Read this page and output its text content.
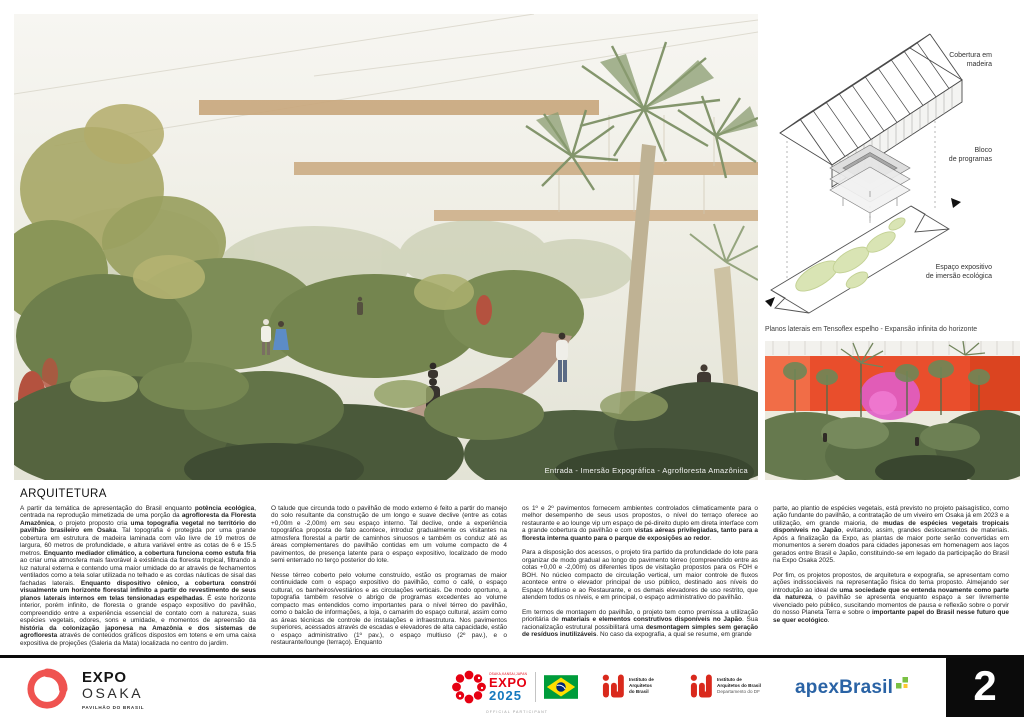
Entrada - Imersão Expográfica - Agrofloresta Amazônica
Cobertura em
madeira
Bloco
de programas
Espaço expositivo
de imersão ecológica
Planos laterais em Tensoflex espelho - Expansão infinita do horizonte
ARQUITETURA

A partir da temática de apresentação do Brasil enquanto potência ecológica, centrada na reprodução mimetizada de uma porção da agrofloresta da Floresta Amazônica, o projeto proposto cria uma topografia vegetal no território do pavilhão brasileiro em Osaka. Tal topografia é protegida por uma grande cobertura em estrutura de madeira laminada com vão livre de 19 metros de largura, 60 metros de profundidade, e altura variável entre as cotas de 6 e 15.5 metros. Enquanto mediador climático, a cobertura funciona como estufa fria ao criar uma atmosfera mais favorável à existência da floresta tropical, filtrando a luz natural externa e contendo uma maior umidade do ar através de fechamentos ventilados como a tela solar utilizada no telhado e as cordas náuticas de sisal das fachadas laterais. Enquanto dispositivo cênico, a cobertura constrói visualmente um horizonte florestal infinito a partir do revestimento de seus planos laterais internos em telas tensionadas espelhadas. É este horizonte interior, porém infinito, de floresta o grande espaço expositivo do pavilhão, compreendido entre a experiência essencial de contato com a natureza, suas espécies vegetais, odores, sons e umidade, e momentos de apreensão da história da colonização japonesa na Amazônia e dos sistemas de agrofloresta através de conteúdos gráficos dispostos em totens e em uma caixa expositiva de projeções (Galeria da Mata) localizada no centro do jardim.

O talude que circunda todo o pavilhão de modo externo é feito a partir do manejo do solo resultante da construção de um longo e suave declive (entre as cotas +0,00m e -2,00m) em seu espaço interno. Tal declive, onde a experiência topográfica proposta de fato acontece, introduz gradualmente os visitantes na atmosfera florestal a partir de caminhos sinuosos e também os conduz até as áreas complementares do pavilhão contidas em um volume compacto de 4 pavimentos, de presença latente para o espaço expositivo, localizado de modo semi enterrado no terço posterior do lote.

Nesse térreo coberto pelo volume construído, estão os programas de maior continuidade com o espaço expositivo do pavilhão, como o café, o espaço cultural, os banheiros/vestiários e as circulações verticais. De modo oportuno, a topografia também resolve o abrigo de programas excedentes ao volume compacto mas entendidos como importantes para o nível térreo do pavilhão, como o balcão de informações, a loja, o camarim do espaço cultural, assim como as áreas técnicas de controle de instalações e infraestrutura. Nos pavimentos superiores, acessados através de escadas e elevadores de alta capacidade, estão o espaço administrativo (1º pav.), o espaço multiuso (2º pav.), e o restaurante/lounge (terraço). Enquanto

os 1º e 2º pavimentos fornecem ambientes controlados climaticamente para o melhor desempenho de seus usos propostos, o nível do terraço oferece ao restaurante e ao lounge vip um espaço de pé-direito duplo em direta interface com a grande cobertura do pavilhão e com vistas aéreas privilegiadas, tanto para a floresta interna quanto para o parque de exposições ao redor.

Para a disposição dos acessos, o projeto tira partido da profundidade do lote para organizar de modo gradual ao longo do pavimento térreo (compreendido entre as cotas +0,00 e -2,00m) os diferentes tipos de visitação propostos para os FOH e BOH. No núcleo compacto de circulação vertical, um maior controle de fluxos acontece entre o elevador principal de uso público, destinado aos níveis do Espaço Multiuso e ao Restaurante, e os demais elevadores de uso restrito, que atendem todos os níveis, e em principal, o espaço administrativo do pavilhão.

Em termos de montagem do pavilhão, o projeto tem como premissa a utilização prioritária de materiais e elementos construtivos disponíveis no Japão. Sua racionalização estrutural possibilitará uma desmontagem simples sem geração de resíduos inutilizáveis. No caso da expografia, a qual se resume, em grande

parte, ao plantio de espécies vegetais, está previsto no projeto paisagístico, como ação fundante do pavilhão, a contratação de um viveiro em Osaka já em 2023 e a utilização, em grande maioria, de mudas de espécies vegetais tropicais disponíveis no Japão, evitando, assim, grandes deslocamentos de materiais. Após a finalização da Expo, as plantas de maior porte serão convertidas em monumentos a serem doados para cidades japonesas em homenagem aos laços gerados entre Brasil e Japão, constituindo-se em legado da participação do Brasil na Expo Osaka 2025.

Por fim, os projetos propostos, de arquitetura e expografia, se apresentam como ações indissociáveis na representação física do tema proposto. Almejando ser introdução ao ideal de uma sociedade que se entenda novamente como parte da natureza, o pavilhão se apresenta enquanto espaço a ser livremente vivenciado pelo público, suscitando momentos de pausa e reflexão sobre o porvir do nosso Planeta Terra e sobre o importante papel do Brasil nesse futuro que se quer ecológico.

EXPO
OSAKA
PAVILHÃO DO BRASIL
OSAKA,KANSAI,JAPAN
EXPO
2025
OFFICIAL PARTICIPANT
Instituto de
Arquitetos
do Brasil
Instituto de
Arquitetos do Brasil
Departamento do DF apexBrasil 2
